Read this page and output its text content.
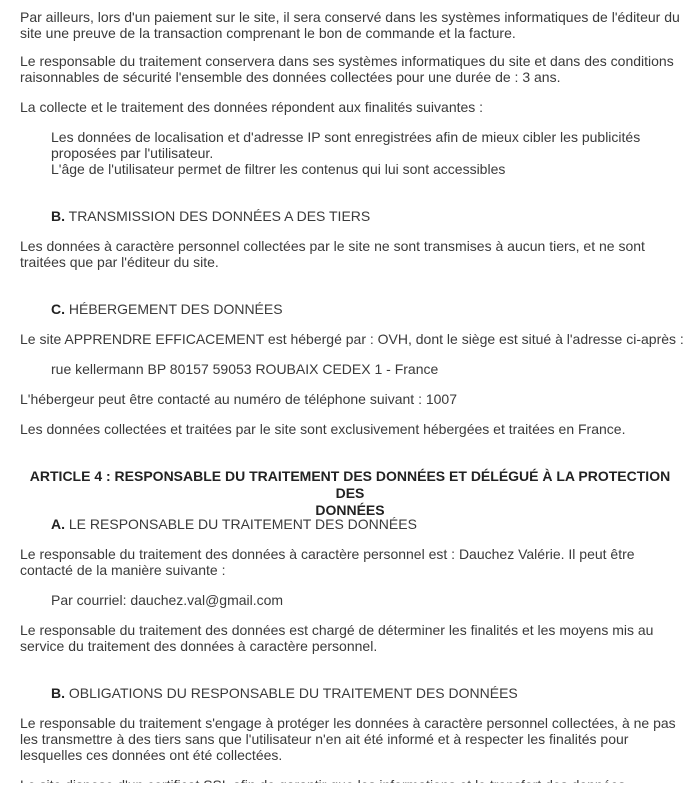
Par ailleurs, lors d'un paiement sur le site, il sera conservé dans les systèmes informatiques de l'éditeur du
site une preuve de la transaction comprenant le bon de commande et la facture.
Le responsable du traitement conservera dans ses systèmes informatiques du site et dans des conditions
raisonnables de sécurité l'ensemble des données collectées pour une durée de : 3 ans.
La collecte et le traitement des données répondent aux finalités suivantes :
Les données de localisation et d'adresse IP sont enregistrées afin de mieux cibler les publicités
proposées par l'utilisateur.
L'âge de l'utilisateur permet de filtrer les contenus qui lui sont accessibles
B. TRANSMISSION DES DONNÉES A DES TIERS
Les données à caractère personnel collectées par le site ne sont transmises à aucun tiers, et ne sont
traitées que par l'éditeur du site.
C. HÉBERGEMENT DES DONNÉES
Le site APPRENDRE EFFICACEMENT est hébergé par : OVH, dont le siège est situé à l'adresse ci-après :
rue kellermann BP 80157 59053 ROUBAIX CEDEX 1 - France
L'hébergeur peut être contacté au numéro de téléphone suivant : 1007
Les données collectées et traitées par le site sont exclusivement hébergées et traitées en France.
ARTICLE 4 : RESPONSABLE DU TRAITEMENT DES DONNÉES ET DÉLÉGUÉ À LA PROTECTION DES
DONNÉES
A. LE RESPONSABLE DU TRAITEMENT DES DONNÉES
Le responsable du traitement des données à caractère personnel est : Dauchez Valérie. Il peut être
contacté de la manière suivante :
Par courriel: dauchez.val@gmail.com
Le responsable du traitement des données est chargé de déterminer les finalités et les moyens mis au
service du traitement des données à caractère personnel.
B. OBLIGATIONS DU RESPONSABLE DU TRAITEMENT DES DONNÉES
Le responsable du traitement s'engage à protéger les données à caractère personnel collectées, à ne pas
les transmettre à des tiers sans que l'utilisateur n'en ait été informé et à respecter les finalités pour
lesquelles ces données ont été collectées.
